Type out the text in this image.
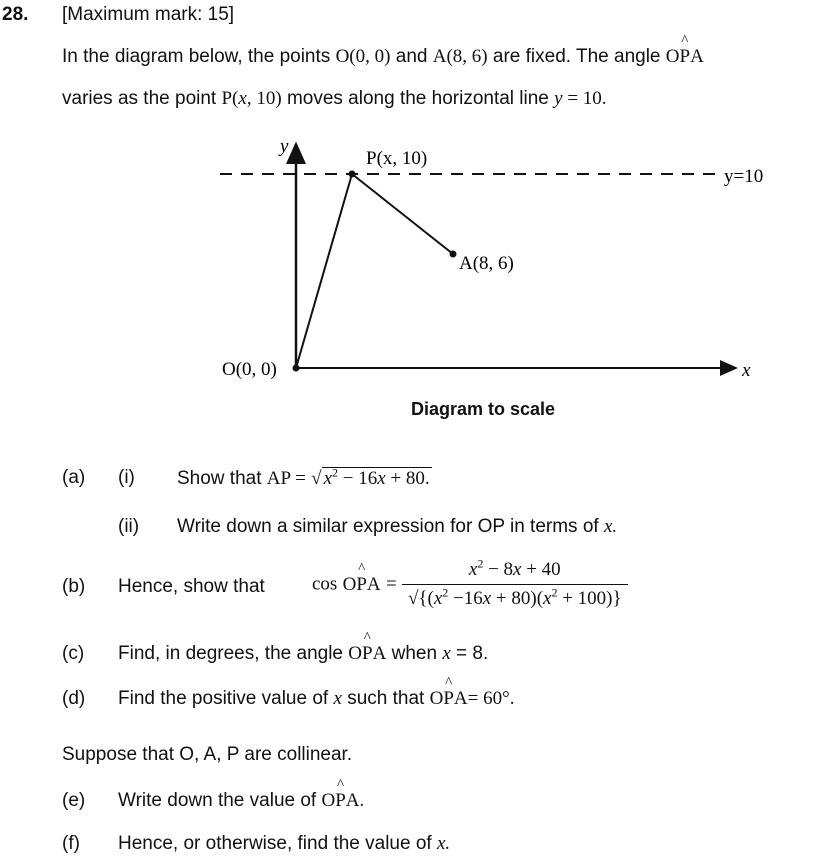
28. [Maximum mark: 15]
In the diagram below, the points O(0, 0) and A(8, 6) are fixed. The angle OP ^A
varies as the point P(x, 10) moves along the horizontal line y = 10.
y
x
P(x, 10)
y=10
A(8, 6)
O(0, 0)
Diagram to scale
(a) (i) Show that AP = √ $x^2 - 16x + 80$.
(ii) Write down a similar expression for OP in terms of x.
(b) Hence, show that cos OP ^A = $\frac{x^2 - 8x + 40}{√\{(x^2 -16x + 80)(x^2 + 100)\}}$
(c) Find, in degrees, the angle OP ^A when x = 8.
(d) Find the positive value of x such that OP ^A= 60°.
Suppose that O, A, P are collinear.
(e) Write down the value of OP ^A.
(f) Hence, or otherwise, find the value of x.
